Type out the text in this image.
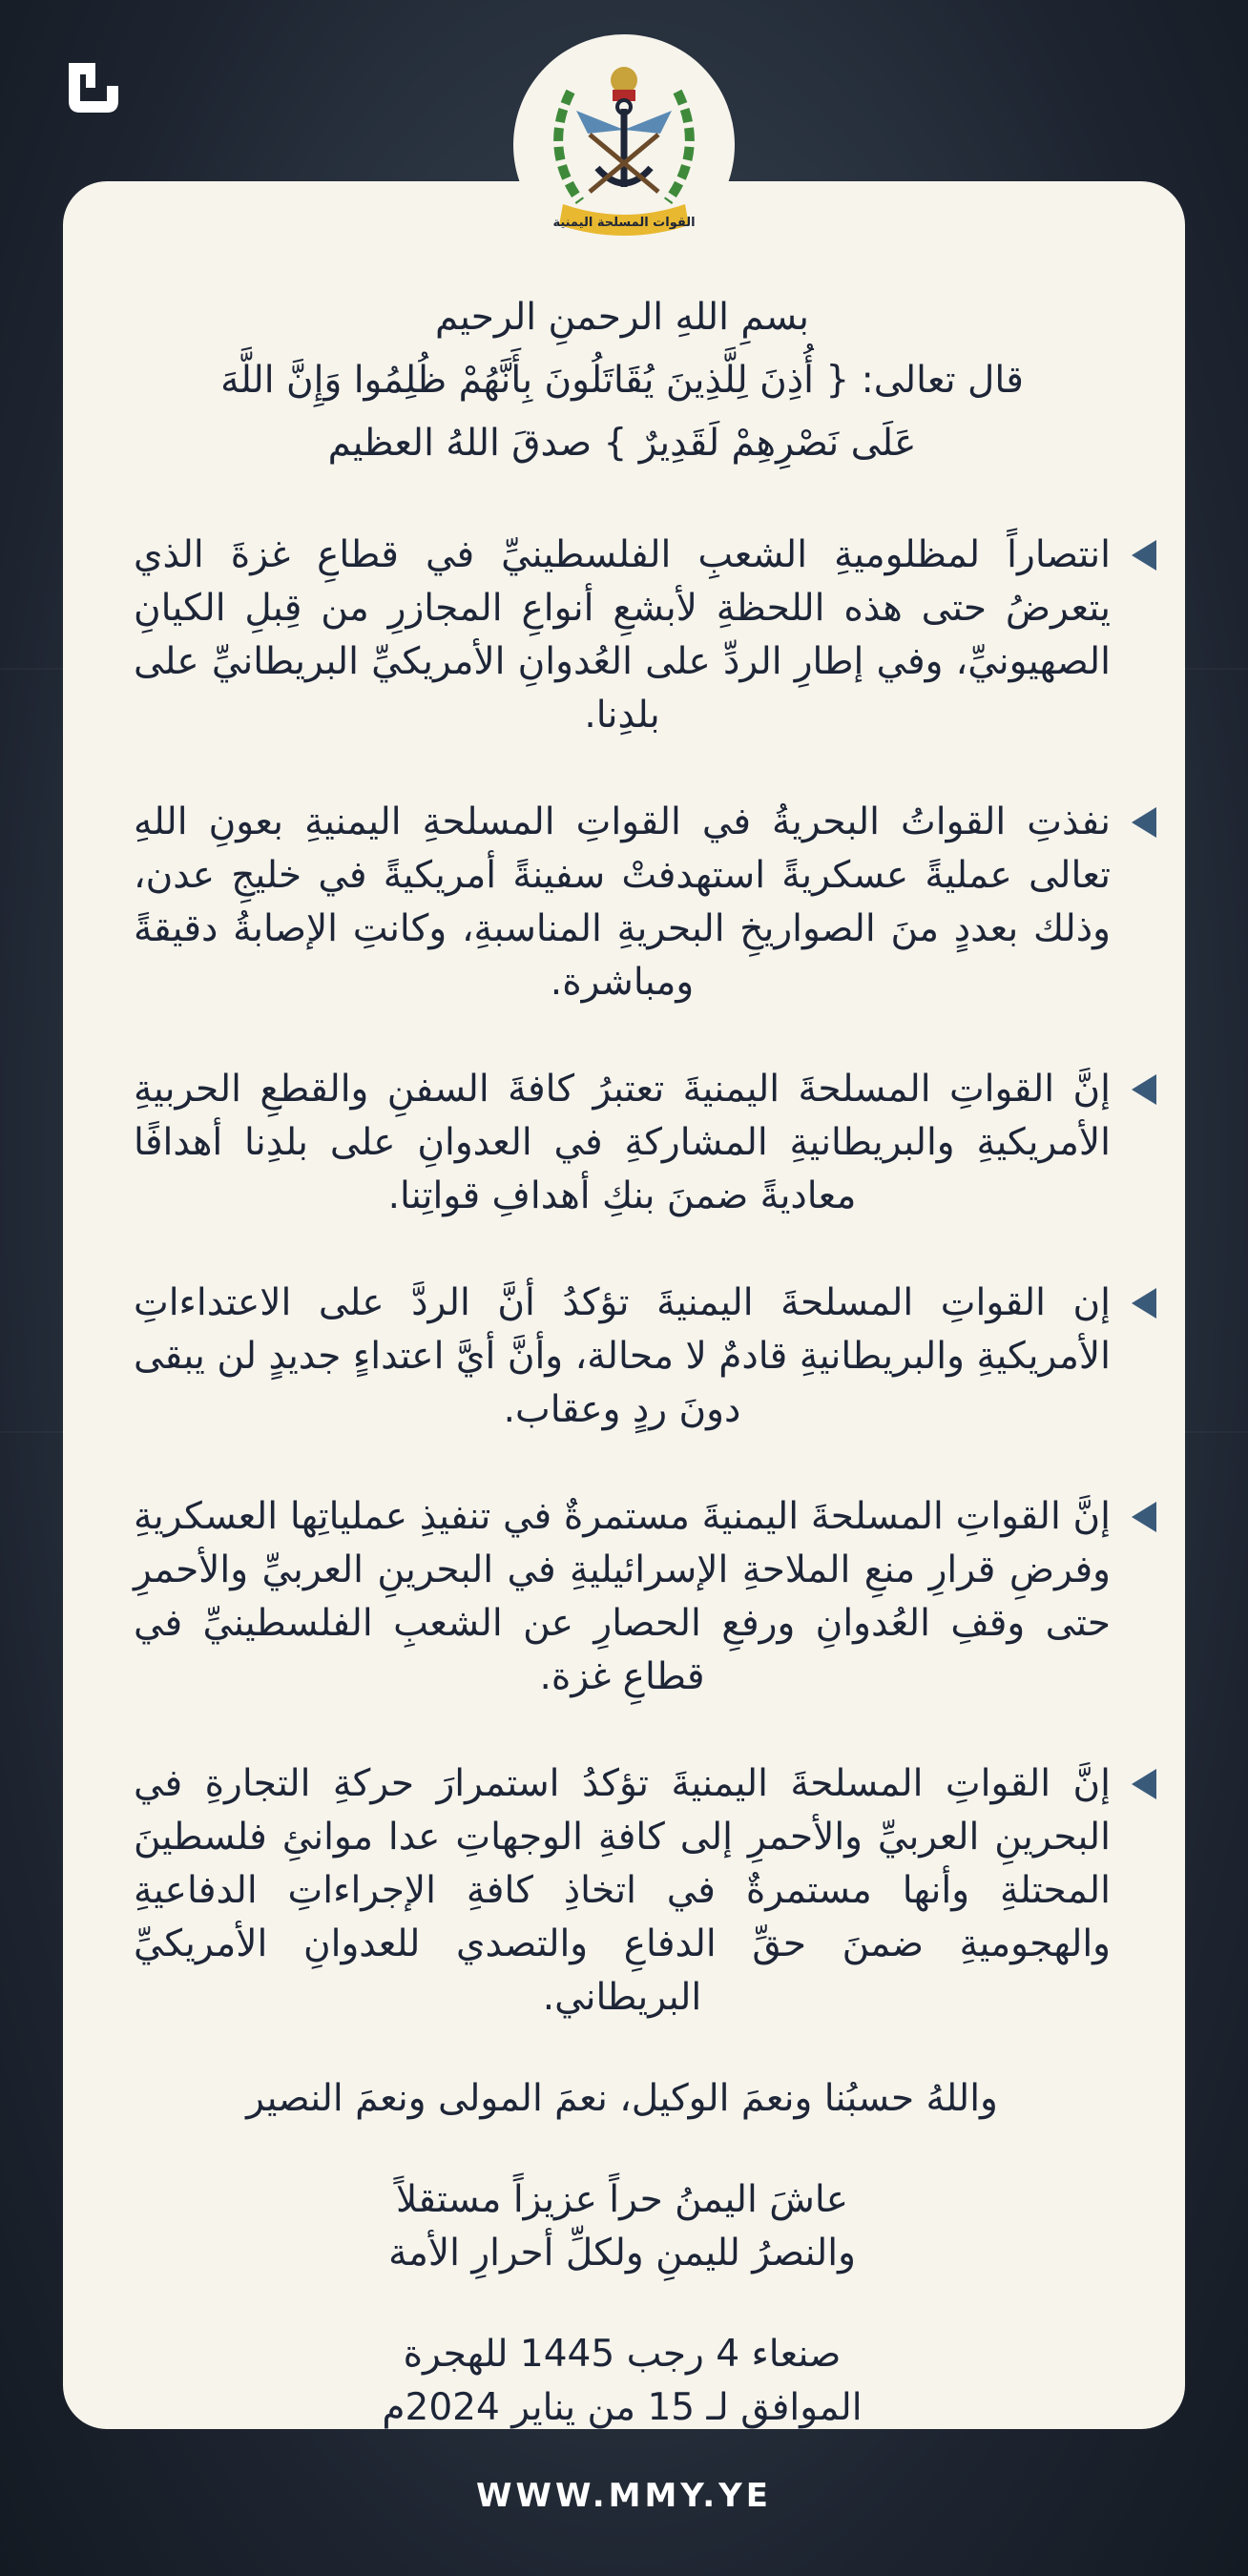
القوات المسلحة اليمنية
بسمِ اللهِ الرحمنِ الرحيم
قال تعالى: { أُذِنَ لِلَّذِينَ يُقَاتَلُونَ بِأَنَّهُمْ ظُلِمُوا وَإِنَّ اللَّهَ
عَلَى نَصْرِهِمْ لَقَدِيرٌ } صدقَ اللهُ العظيم

انتصاراً لمظلوميةِ الشعبِ الفلسطينيِّ في قطاعِ غزةَ الذي يتعرضُ حتى هذه اللحظةِ لأبشعِ أنواعِ المجازرِ من قِبلِ الكيانِ الصهيونيِّ، وفي إطارِ الردِّ على العُدوانِ الأمريكيِّ البريطانيِّ على بلدِنا.

نفذتِ القواتُ البحريةُ في القواتِ المسلحةِ اليمنيةِ بعونِ اللهِ تعالى عمليةً عسكريةً استهدفتْ سفينةً أمريكيةً في خليجِ عدن، وذلك بعددٍ منَ الصواريخِ البحريةِ المناسبةِ، وكانتِ الإصابةُ دقيقةً ومباشرة.

إنَّ القواتِ المسلحةَ اليمنيةَ تعتبرُ كافةَ السفنِ والقطعِ الحربيةِ الأمريكيةِ والبريطانيةِ المشاركةِ في العدوانِ على بلدِنا أهدافًا معاديةً ضمنَ بنكِ أهدافِ قواتِنا.

إن القواتِ المسلحةَ اليمنيةَ تؤكدُ أنَّ الردَّ على الاعتداءاتِ الأمريكيةِ والبريطانيةِ قادمٌ لا محالة، وأنَّ أيَّ اعتداءٍ جديدٍ لن يبقى دونَ ردٍ وعقاب.

إنَّ القواتِ المسلحةَ اليمنيةَ مستمرةٌ في تنفيذِ عملياتِها العسكريةِ وفرضِ قرارِ منعِ الملاحةِ الإسرائيليةِ في البحرينِ العربيِّ والأحمرِ حتى وقفِ العُدوانِ ورفعِ الحصارِ عن الشعبِ الفلسطينيِّ في قطاعِ غزة.

إنَّ القواتِ المسلحةَ اليمنيةَ تؤكدُ استمرارَ حركةِ التجارةِ في البحرينِ العربيِّ والأحمرِ إلى كافةِ الوجهاتِ عدا موانئِ فلسطينَ المحتلةِ وأنها مستمرةٌ في اتخاذِ كافةِ الإجراءاتِ الدفاعيةِ والهجوميةِ ضمنَ حقِّ الدفاعِ والتصدي للعدوانِ الأمريكيِّ البريطاني.

واللهُ حسبُنا ونعمَ الوكيل، نعمَ المولى ونعمَ النصير
عاشَ اليمنُ حراً عزيزاً مستقلاً
والنصرُ لليمنِ ولكلِّ أحرارِ الأمة
صنعاء 4 رجب 1445 للهجرة
الموافق لـ 15 من يناير 2024م
WWW.MMY.YE
